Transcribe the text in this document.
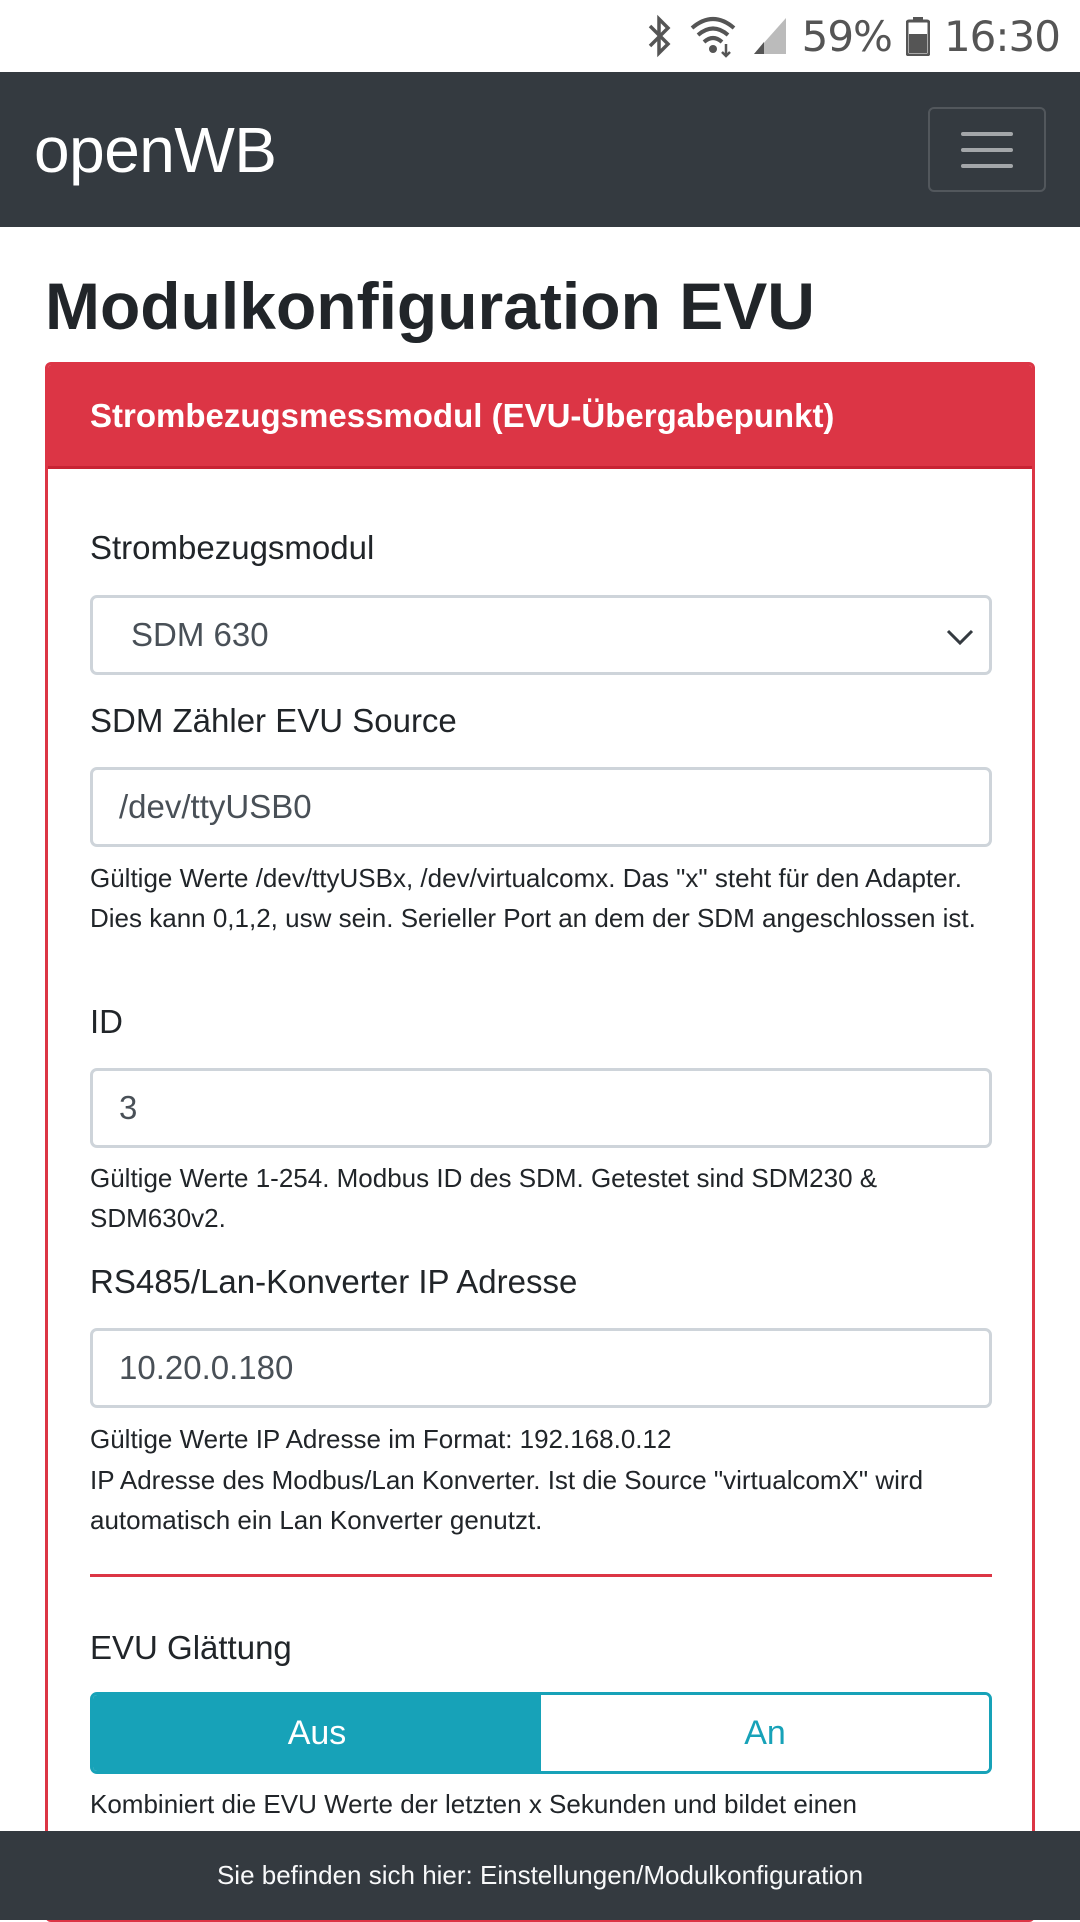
59% 16:30
openWB
Modulkonfiguration EVU
Strombezugsmessmodul (EVU-Übergabepunkt)
Strombezugsmodul
SDM 630
SDM Zähler EVU Source
/dev/ttyUSB0
Gültige Werte /dev/ttyUSBx, /dev/virtualcomx. Das "x" steht für den Adapter. Dies kann 0,1,2, usw sein. Serieller Port an dem der SDM angeschlossen ist.
ID
3
Gültige Werte 1-254. Modbus ID des SDM. Getestet sind SDM230 & SDM630v2.
RS485/Lan-Konverter IP Adresse
10.20.0.180
Gültige Werte IP Adresse im Format: 192.168.0.12
IP Adresse des Modbus/Lan Konverter. Ist die Source "virtualcomX" wird automatisch ein Lan Konverter genutzt.
EVU Glättung
Aus	An
Kombiniert die EVU Werte der letzten x Sekunden und bildet einen
Sie befinden sich hier: Einstellungen/Modulkonfiguration
